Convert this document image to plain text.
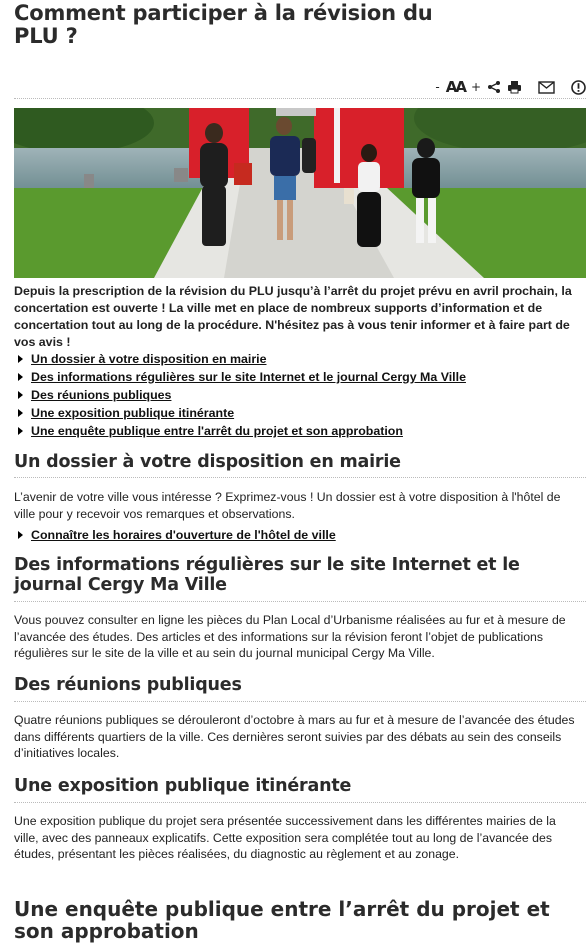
Comment participer à la révision du PLU ?
- AA +

Depuis la prescription de la révision du PLU jusqu’à l’arrêt du projet prévu en avril prochain, la concertation est ouverte ! La ville met en place de nombreux supports d’information et de concertation tout au long de la procédure. N'hésitez pas à vous tenir informer et à faire part de vos avis !

Un dossier à votre disposition en mairie
Des informations régulières sur le site Internet et le journal Cergy Ma Ville
Des réunions publiques
Une exposition publique itinérante
Une enquête publique entre l'arrêt du projet et son approbation
Un dossier à votre disposition en mairie

L’avenir de votre ville vous intéresse ? Exprimez-vous ! Un dossier est à votre disposition à l'hôtel de ville pour y recevoir vos remarques et observations.

Connaître les horaires d'ouverture de l'hôtel de ville
Des informations régulières sur le site Internet et le journal Cergy Ma Ville

Vous pouvez consulter en ligne les pièces du Plan Local d’Urbanisme réalisées au fur et à mesure de l’avancée des études. Des articles et des informations sur la révision feront l’objet de publications régulières sur le site de la ville et au sein du journal municipal Cergy Ma Ville.

Des réunions publiques

Quatre réunions publiques se dérouleront d’octobre à mars au fur et à mesure de l’avancée des études dans différents quartiers de la ville. Ces dernières seront suivies par des débats au sein des conseils d’initiatives locales.

Une exposition publique itinérante

Une exposition publique du projet sera présentée successivement dans les différentes mairies de la ville, avec des panneaux explicatifs. Cette exposition sera complétée tout au long de l’avancée des études, présentant les pièces réalisées, du diagnostic au règlement et au zonage.

Une enquête publique entre l’arrêt du projet et son approbation
